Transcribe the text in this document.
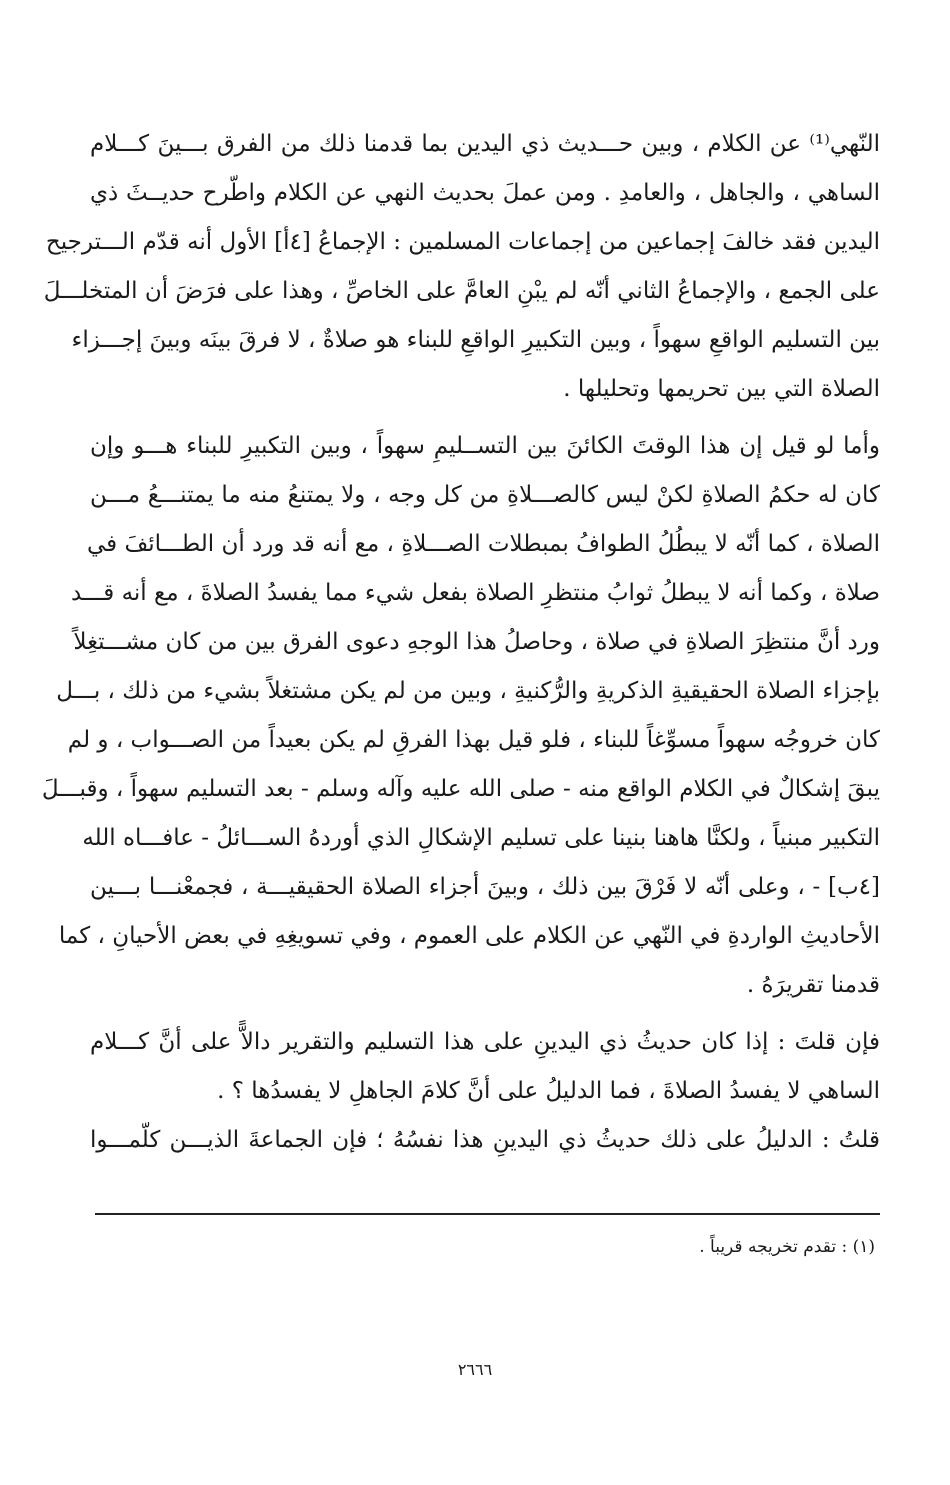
النّهي⁽¹⁾ عن الكلام ، وبين حـــديث ذي اليدين بما قدمنا ذلك من الفرق بـــينَ كـــلام
الساهي ، والجاهل ، والعامدِ . ومن عملَ بحديث النهي عن الكلام واطّرح حديــثَ ذي
اليدين فقد خالفَ إجماعين من إجماعات المسلمين : الإجماعُ [٤أ] الأول أنه قدّم الـــترجيح
على الجمع ، والإجماعُ الثاني أنّه لم يبْنِ العامَّ على الخاصِّ ، وهذا على فرَضَ أن المتخلـــلَ
بين التسليم الواقعِ سهواً ، وبين التكبيرِ الواقعِ للبناء هو صلاةٌ ، لا فرقَ بينَه وبينَ إجـــزاء
الصلاة التي بين تحريمها وتحليلها .
وأما لو قيل إن هذا الوقتَ الكائنَ بين التســليمِ سهواً ، وبين التكبيرِ للبناء هـــو وإن
كان له حكمُ الصلاةِ لكنْ ليس كالصـــلاةِ من كل وجه ، ولا يمتنعُ منه ما يمتنـــعُ مـــن
الصلاة ، كما أنّه لا يبطُلُ الطوافُ بمبطلات الصـــلاةِ ، مع أنه قد ورد أن الطـــائفَ في
صلاة ، وكما أنه لا يبطلُ ثوابُ منتظرِ الصلاة بفعل شيء مما يفسدُ الصلاةَ ، مع أنه قـــد
ورد أنَّ منتظِرَ الصلاةِ في صلاة ، وحاصلُ هذا الوجهِ دعوى الفرق بين من كان مشـــتغِلاً
بإجزاء الصلاة الحقيقيةِ الذكريةِ والرُّكنيةِ ، وبين من لم يكن مشتغلاً بشيء من ذلك ، بـــل
كان خروجُه سهواً مسوِّغاً للبناء ، فلو قيل بهذا الفرقِ لم يكن بعيداً من الصـــواب ، و لم
يبقَ إشكالٌ في الكلام الواقع منه - صلى الله عليه وآله وسلم - بعد التسليم سهواً ، وقبـــلَ
التكبير مبنياً ، ولكنَّا هاهنا بنينا على تسليم الإشكالِ الذي أوردهُ الســـائلُ - عافـــاه الله
[٤ب] - ، وعلى أنّه لا فَرْقَ بين ذلك ، وبينَ أجزاء الصلاة الحقيقيـــة ، فجمعْنـــا بـــين
الأحاديثِ الواردةِ في النّهي عن الكلام على العموم ، وفي تسويغِهِ في بعض الأحيانِ ، كما
قدمنا تقريرَهُ .
فإن قلتَ : إذا كان حديثُ ذي اليدينِ على هذا التسليم والتقرير دالاًّ على أنَّ كـــلام
الساهي لا يفسدُ الصلاةَ ، فما الدليلُ على أنَّ كلامَ الجاهلِ لا يفسدُها ؟ .
قلتُ : الدليلُ على ذلك حديثُ ذي اليدينِ هذا نفسُهُ ؛ فإن الجماعةَ الذيـــن كلّمـــوا
(١) : تقدم تخريجه قريباً .
٢٦٦٦
